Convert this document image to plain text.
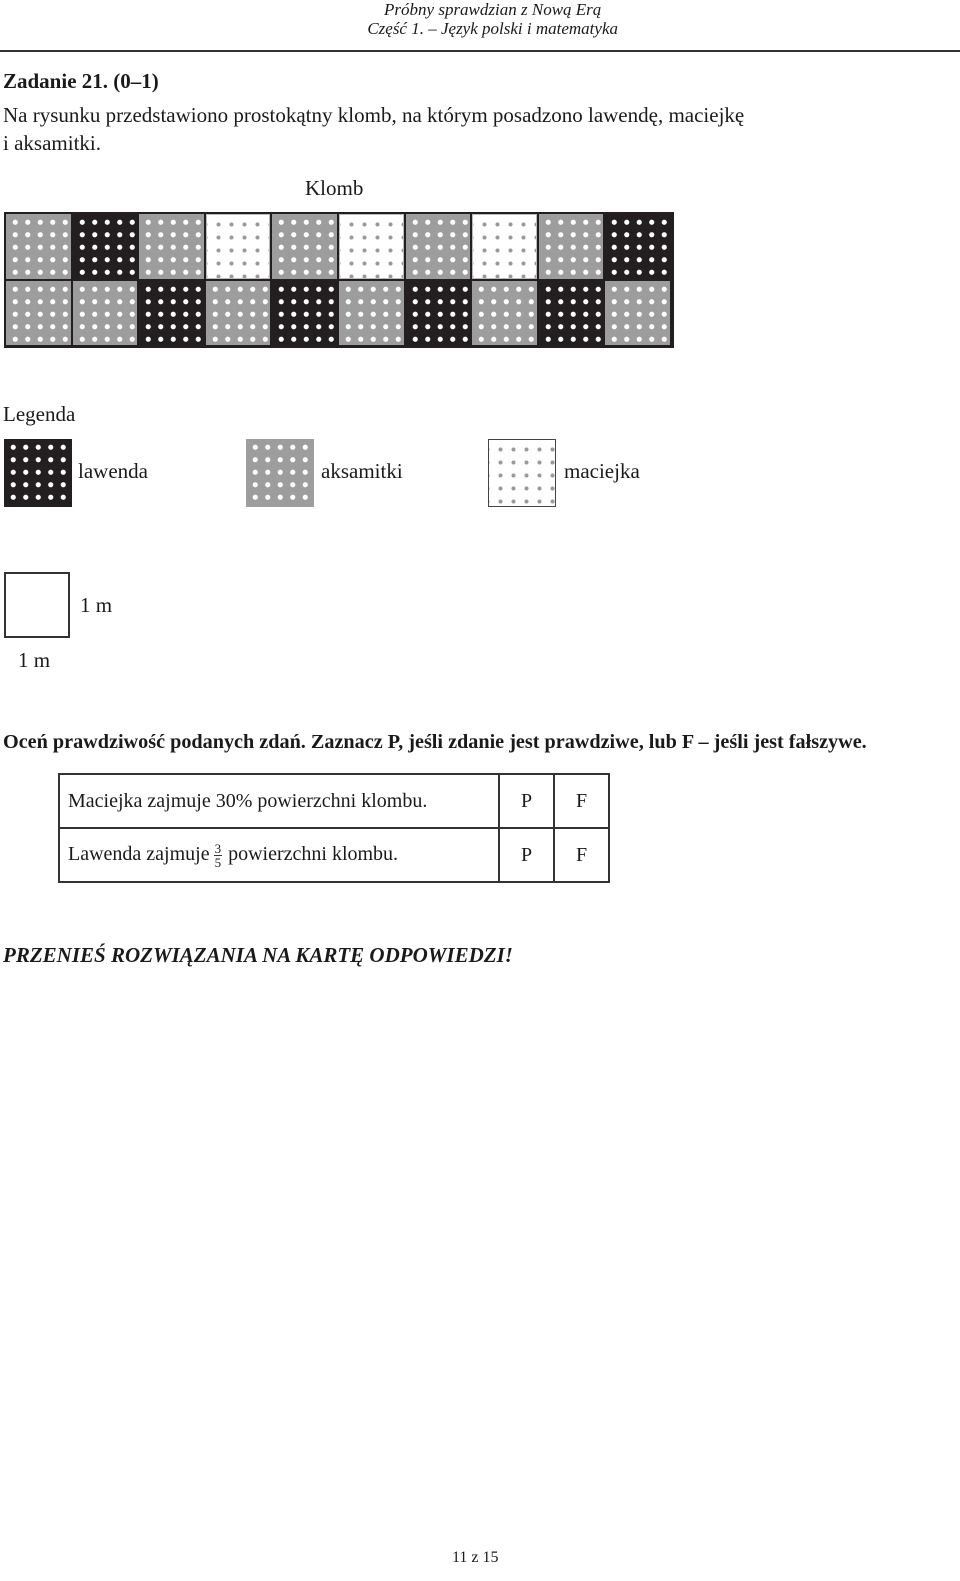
Próbny sprawdzian z Nową Erą
Część 1. – Język polski i matematyka
Zadanie 21. (0–1)
Na rysunku przedstawiono prostokątny klomb, na którym posadzono lawendę, maciejkę
i aksamitki.
Klomb
Legenda
lawenda	aksamitki	maciejka
1 m
1 m
Oceń prawdziwość podanych zdań. Zaznacz P, jeśli zdanie jest prawdziwe, lub F – jeśli jest fałszywe.
Maciejka zajmuje 30% powierzchni klombu.	P	F
Lawenda zajmuje $\frac{3}{5}$ powierzchni klombu.	P	F
PRZENIEŚ ROZWIĄZANIA NA KARTĘ ODPOWIEDZI!
11 z 15
